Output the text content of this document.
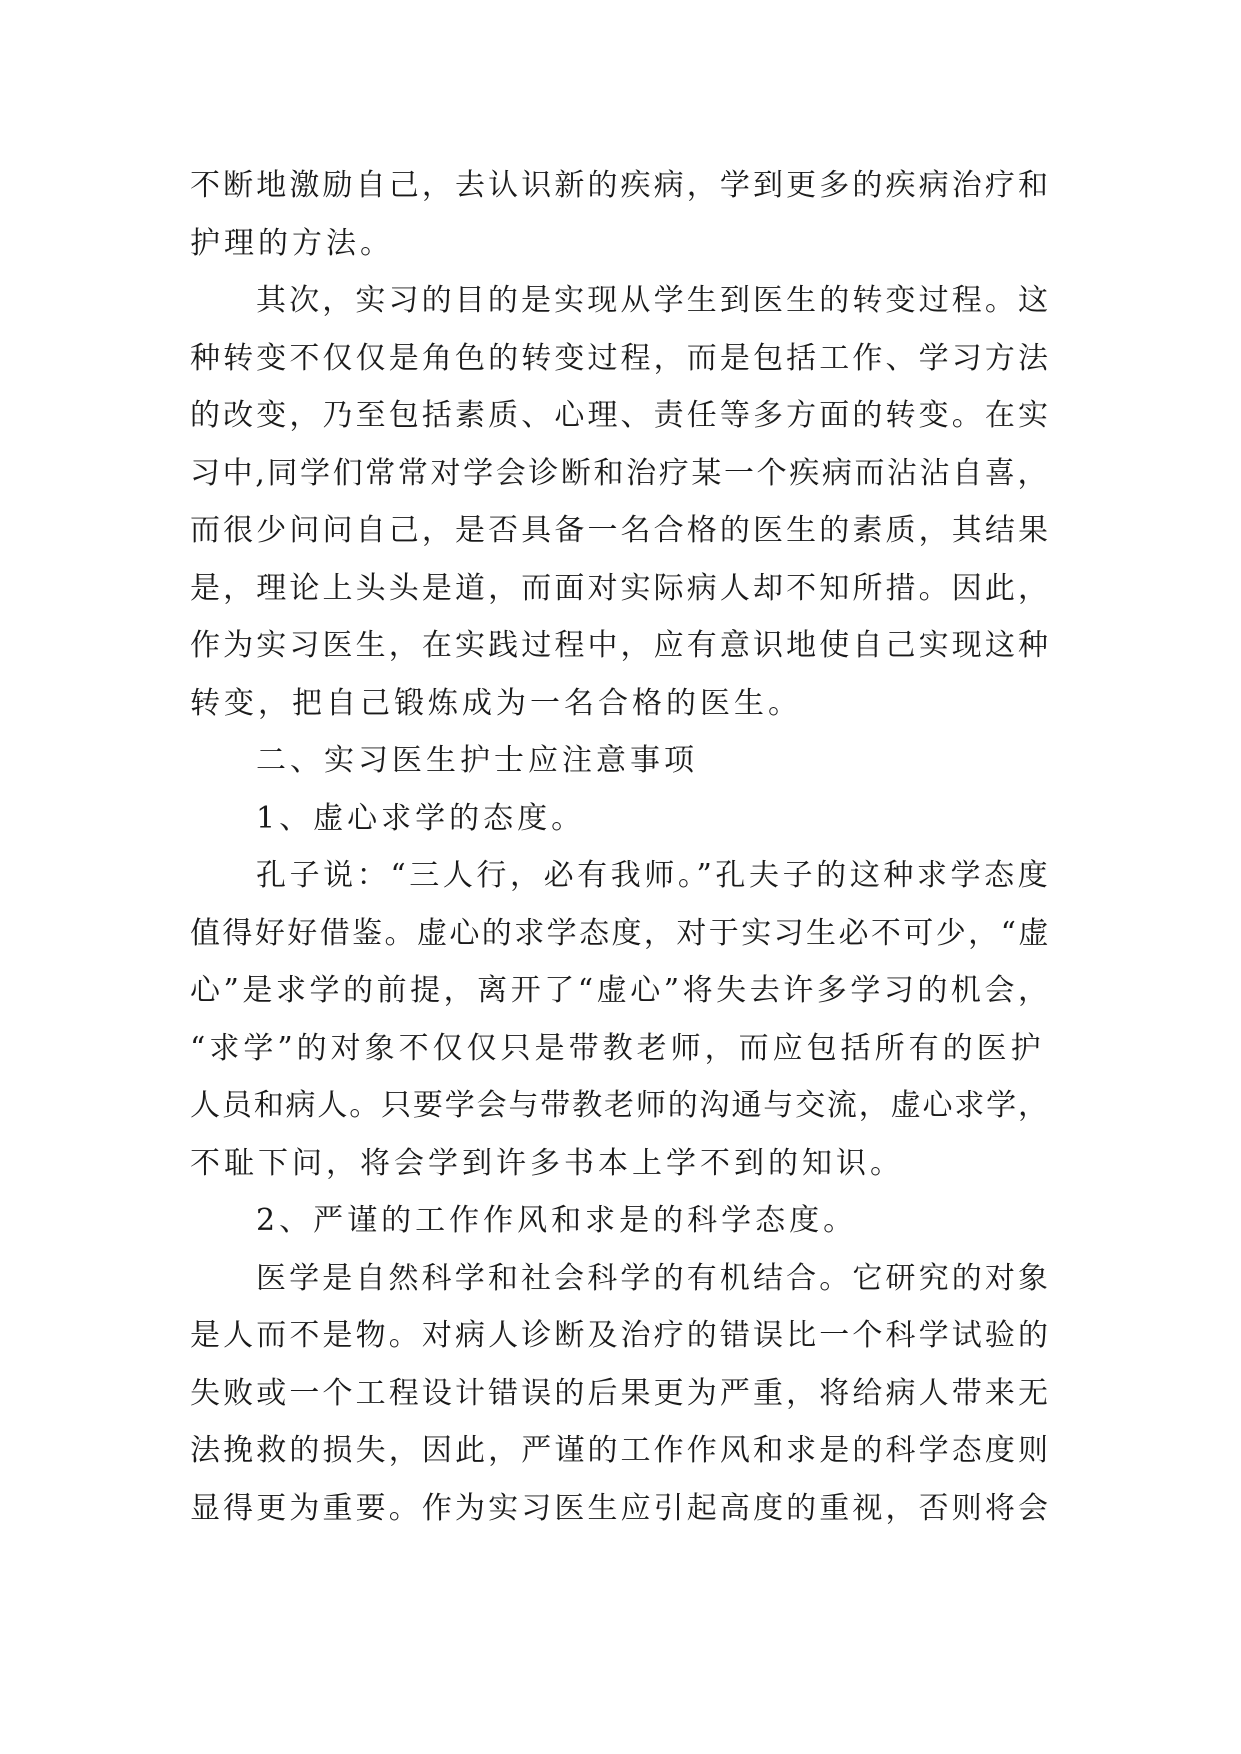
不断地激励自己，去认识新的疾病，学到更多的疾病治疗和
护理的方法。
其次，实习的目的是实现从学生到医生的转变过程。这
种转变不仅仅是角色的转变过程，而是包括工作、学习方法
的改变，乃至包括素质、心理、责任等多方面的转变。在实
习中,同学们常常对学会诊断和治疗某一个疾病而沾沾自喜，
而很少问问自己，是否具备一名合格的医生的素质，其结果
是，理论上头头是道，而面对实际病人却不知所措。因此，
作为实习医生，在实践过程中，应有意识地使自己实现这种
转变，把自己锻炼成为一名合格的医生。
二、实习医生护士应注意事项
1、虚心求学的态度。
孔子说：“三人行，必有我师。”孔夫子的这种求学态度
值得好好借鉴。虚心的求学态度，对于实习生必不可少，“虚
心”是求学的前提，离开了“虚心”将失去许多学习的机会，
“求学”的对象不仅仅只是带教老师，而应包括所有的医护
人员和病人。只要学会与带教老师的沟通与交流，虚心求学，
不耻下问，将会学到许多书本上学不到的知识。
2、严谨的工作作风和求是的科学态度。
医学是自然科学和社会科学的有机结合。它研究的对象
是人而不是物。对病人诊断及治疗的错误比一个科学试验的
失败或一个工程设计错误的后果更为严重，将给病人带来无
法挽救的损失，因此，严谨的工作作风和求是的科学态度则
显得更为重要。作为实习医生应引起高度的重视，否则将会
